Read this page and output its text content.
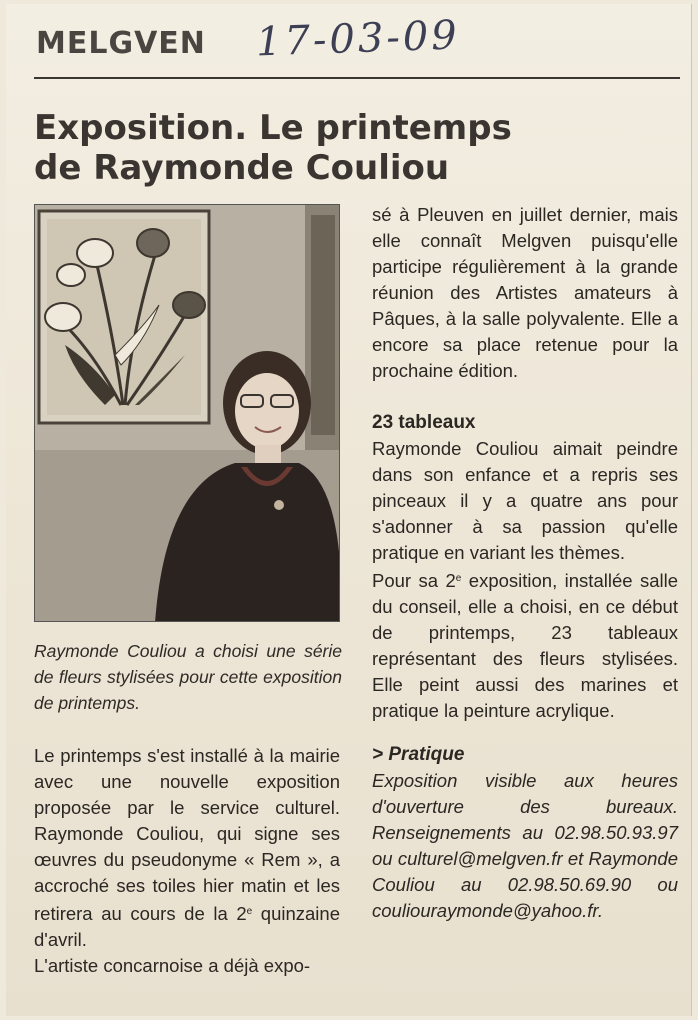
MELGVEN 17-03-09
Exposition. Le printemps
de Raymonde Couliou

Raymonde Couliou a choisi une série de fleurs stylisées pour cette exposition de printemps.

Le printemps s'est installé à la mairie avec une nouvelle exposition proposée par le service culturel. Raymonde Couliou, qui signe ses œuvres du pseudonyme « Rem », a accroché ses toiles hier matin et les retirera au cours de la 2e quinzaine d'avril.

L'artiste concarnoise a déjà expo-

sé à Pleuven en juillet dernier, mais elle connaît Melgven puisqu'elle participe régulièrement à la grande réunion des Artistes amateurs à Pâques, à la salle polyvalente. Elle a encore sa place retenue pour la prochaine édition.

23 tableaux

Raymonde Couliou aimait peindre dans son enfance et a repris ses pinceaux il y a quatre ans pour s'adonner à sa passion qu'elle pratique en variant les thèmes.

Pour sa 2e exposition, installée salle du conseil, elle a choisi, en ce début de printemps, 23 tableaux représentant des fleurs stylisées. Elle peint aussi des marines et pratique la peinture acrylique.

> Pratique

Exposition visible aux heures d'ouverture des bureaux. Renseignements au 02.98.50.93.97 ou culturel@melgven.fr et Raymonde Couliou au 02.98.50.69.90 ou couliouraymonde@yahoo.fr.
